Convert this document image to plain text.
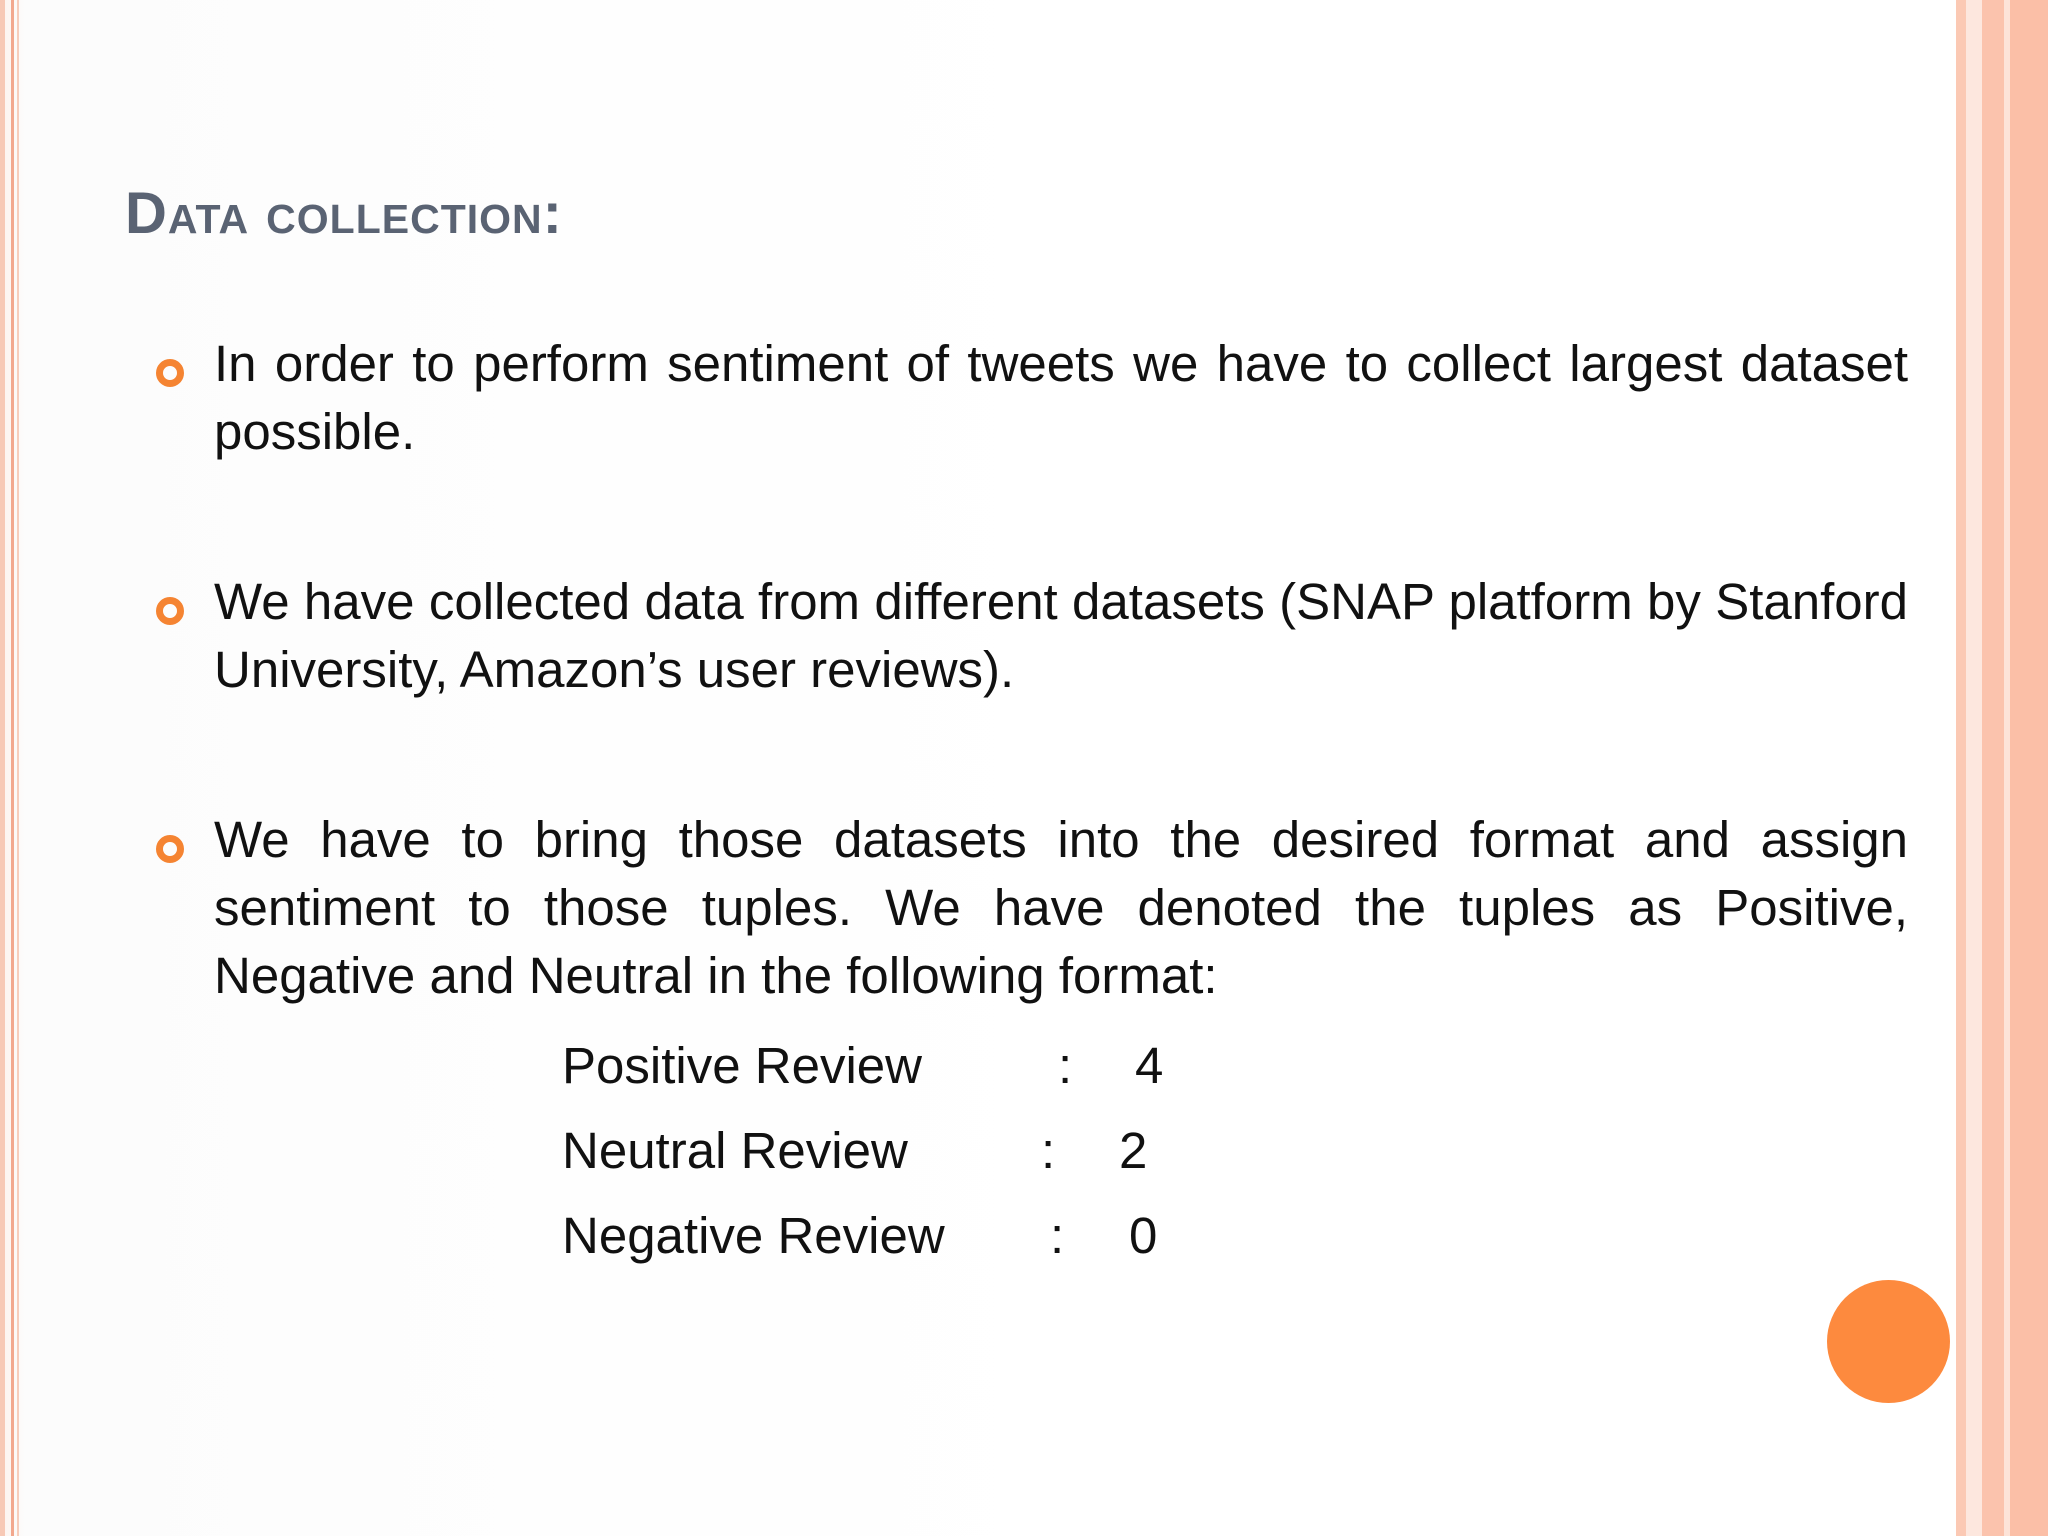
Data collection:
In order to perform sentiment of tweets we have to collect largest dataset possible.
We have collected data from different datasets (SNAP platform by Stanford University, Amazon’s user reviews).
We have to bring those datasets into the desired format and assign sentiment to those tuples. We have denoted the tuples as Positive, Negative and Neutral in the following format:
Positive Review	: 4
Neutral Review	: 2
Negative Review : 0
